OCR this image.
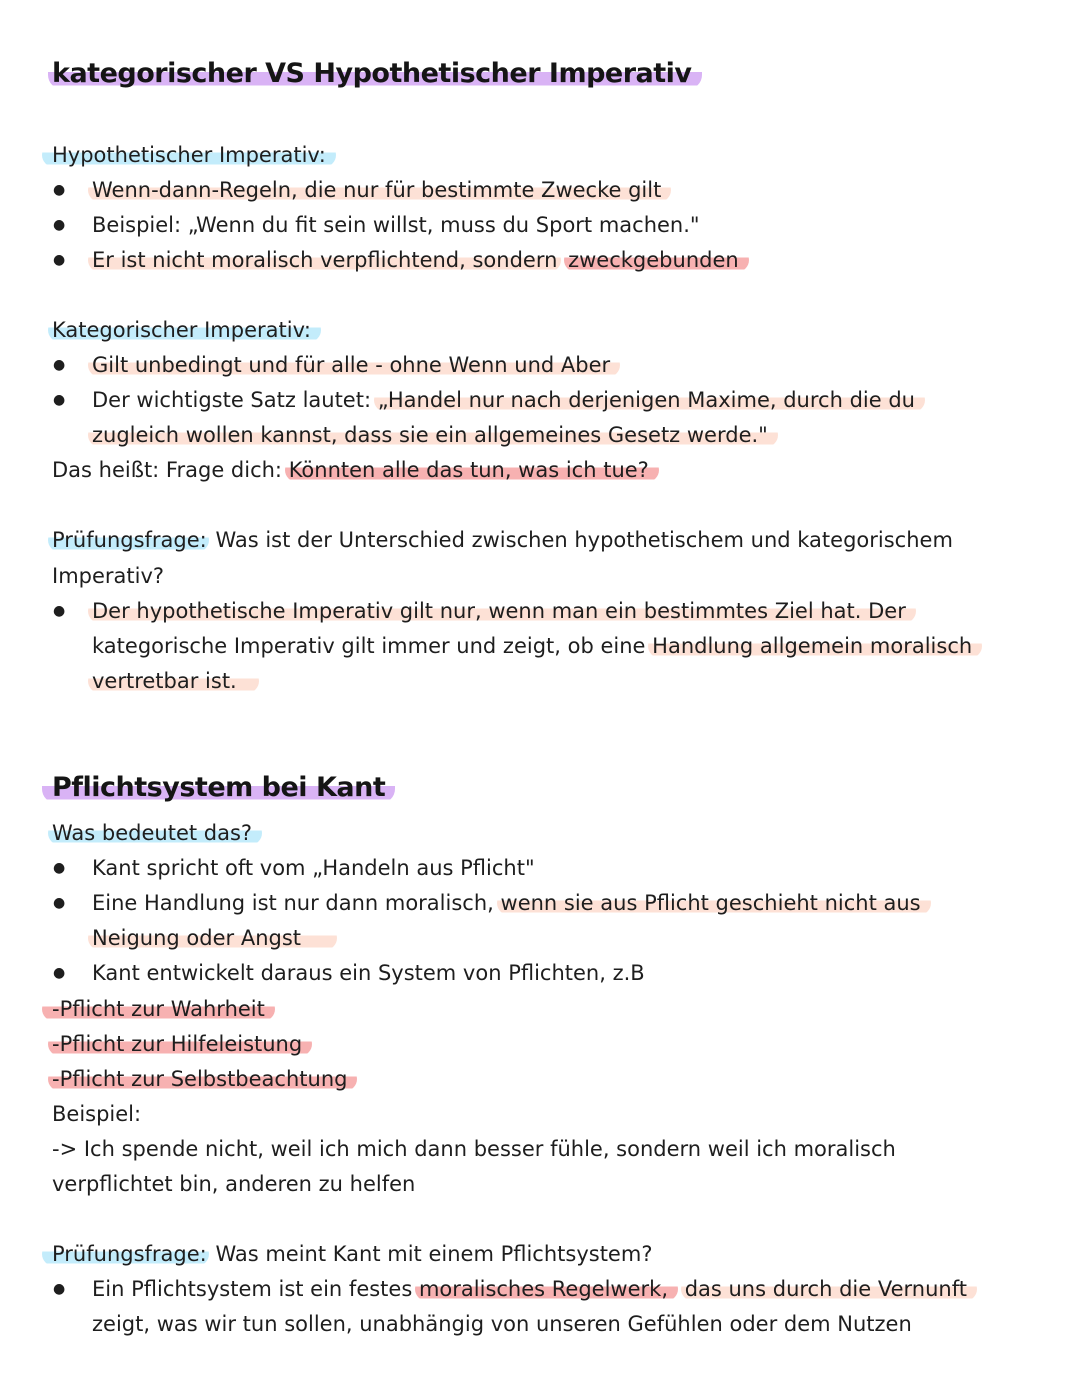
kategorischer VS Hypothetischer Imperativ
Hypothetischer Imperativ:
● Wenn-dann-Regeln, die nur für bestimmte Zwecke gilt
● Beispiel: „Wenn du fit sein willst, muss du Sport machen."
● Er ist nicht moralisch verpflichtend, sondern zweckgebunden
Kategorischer Imperativ:
● Gilt unbedingt und für alle - ohne Wenn und Aber
● Der wichtigste Satz lautet: „Handel nur nach derjenigen Maxime, durch die du
zugleich wollen kannst, dass sie ein allgemeines Gesetz werde."
Das heißt: Frage dich: Könnten alle das tun, was ich tue?
Prüfungsfrage: Was ist der Unterschied zwischen hypothetischem und kategorischem
Imperativ?
● Der hypothetische Imperativ gilt nur, wenn man ein bestimmtes Ziel hat. Der
kategorische Imperativ gilt immer und zeigt, ob eine Handlung allgemein moralisch
vertretbar ist.
Pflichtsystem bei Kant
Was bedeutet das?
● Kant spricht oft vom „Handeln aus Pflicht"
● Eine Handlung ist nur dann moralisch, wenn sie aus Pflicht geschieht nicht aus
Neigung oder Angst
● Kant entwickelt daraus ein System von Pflichten, z.B
-Pflicht zur Wahrheit
-Pflicht zur Hilfeleistung
-Pflicht zur Selbstbeachtung
Beispiel:
-> Ich spende nicht, weil ich mich dann besser fühle, sondern weil ich moralisch
verpflichtet bin, anderen zu helfen
Prüfungsfrage: Was meint Kant mit einem Pflichtsystem?
● Ein Pflichtsystem ist ein festes moralisches Regelwerk, das uns durch die Vernunft
zeigt, was wir tun sollen, unabhängig von unseren Gefühlen oder dem Nutzen
